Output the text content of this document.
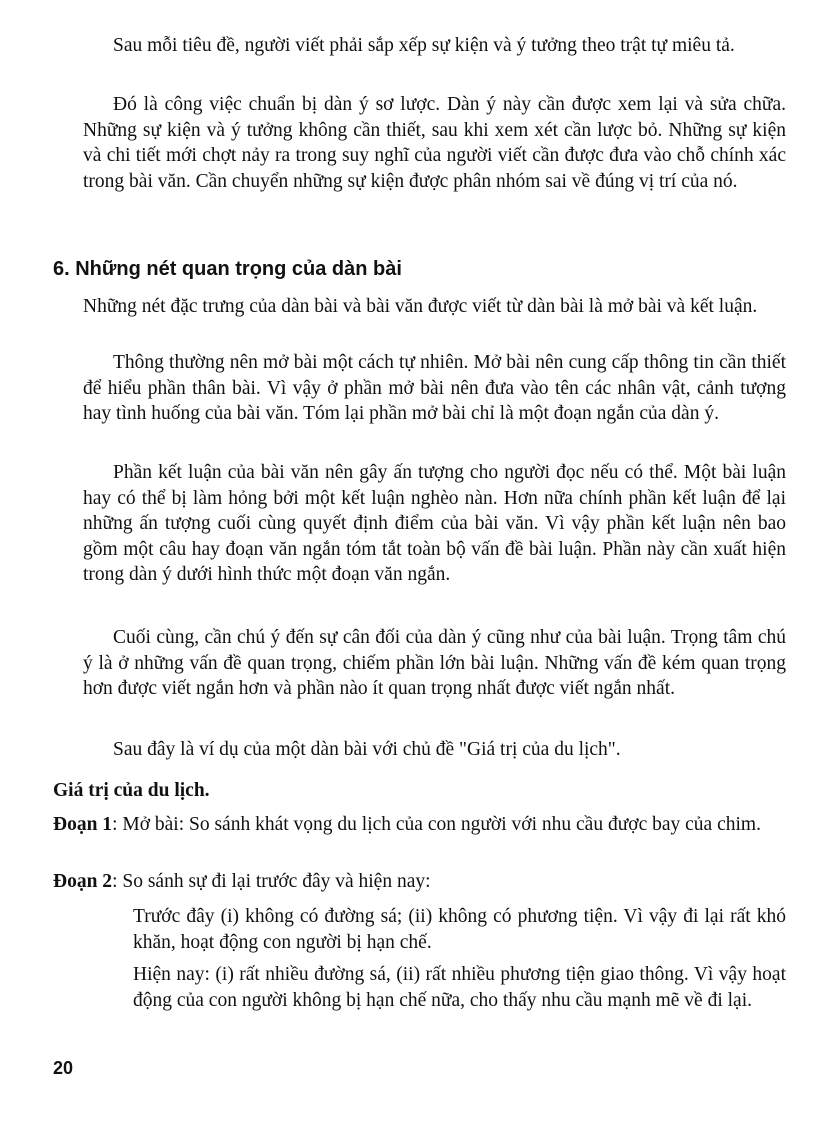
Sau mỗi tiêu đề, người viết phải sắp xếp sự kiện và ý tưởng theo trật tự miêu tả.

Đó là công việc chuẩn bị dàn ý sơ lược. Dàn ý này cần được xem lại và sửa chữa. Những sự kiện và ý tưởng không cần thiết, sau khi xem xét cần lược bỏ. Những sự kiện và chi tiết mới chợt nảy ra trong suy nghĩ của người viết cần được đưa vào chỗ chính xác trong bài văn. Cần chuyển những sự kiện được phân nhóm sai về đúng vị trí của nó.

6. Những nét quan trọng của dàn bài

Những nét đặc trưng của dàn bài và bài văn được viết từ dàn bài là mở bài và kết luận.

Thông thường nên mở bài một cách tự nhiên. Mở bài nên cung cấp thông tin cần thiết để hiểu phần thân bài. Vì vậy ở phần mở bài nên đưa vào tên các nhân vật, cảnh tượng hay tình huống của bài văn. Tóm lại phần mở bài chỉ là một đoạn ngắn của dàn ý.

Phần kết luận của bài văn nên gây ấn tượng cho người đọc nếu có thể. Một bài luận hay có thể bị làm hỏng bởi một kết luận nghèo nàn. Hơn nữa chính phần kết luận để lại những ấn tượng cuối cùng quyết định điểm của bài văn. Vì vậy phần kết luận nên bao gồm một câu hay đoạn văn ngắn tóm tắt toàn bộ vấn đề bài luận. Phần này cần xuất hiện trong dàn ý dưới hình thức một đoạn văn ngắn.

Cuối cùng, cần chú ý đến sự cân đối của dàn ý cũng như của bài luận. Trọng tâm chú ý là ở những vấn đề quan trọng, chiếm phần lớn bài luận. Những vấn đề kém quan trọng hơn được viết ngắn hơn và phần nào ít quan trọng nhất được viết ngắn nhất.

Sau đây là ví dụ của một dàn bài với chủ đề "Giá trị của du lịch".

Giá trị của du lịch.

Đoạn 1: Mở bài: So sánh khát vọng du lịch của con người với nhu cầu được bay của chim.

Đoạn 2: So sánh sự đi lại trước đây và hiện nay:

Trước đây (i) không có đường sá; (ii) không có phương tiện. Vì vậy đi lại rất khó khăn, hoạt động con người bị hạn chế.

Hiện nay: (i) rất nhiều đường sá, (ii) rất nhiều phương tiện giao thông. Vì vậy hoạt động của con người không bị hạn chế nữa, cho thấy nhu cầu mạnh mẽ về đi lại.

20
